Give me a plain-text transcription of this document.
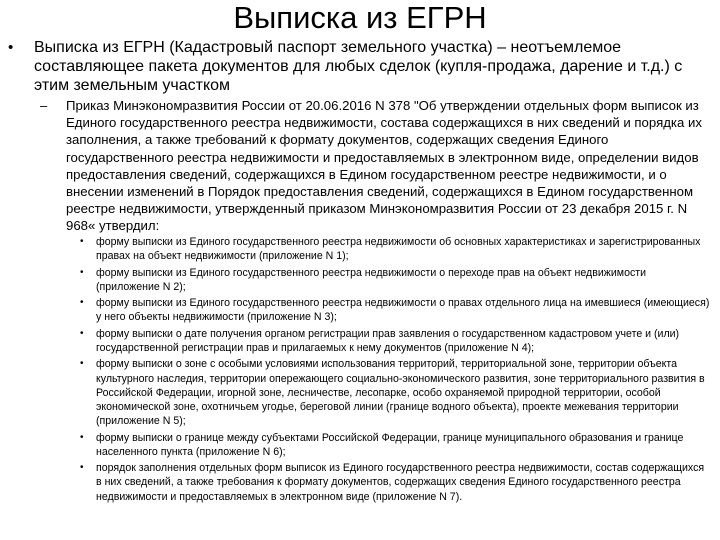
Выписка из ЕГРН
• Выписка из ЕГРН (Кадастровый паспорт земельного участка) – неотъемлемое составляющее пакета документов для любых сделок (купля-продажа, дарение и т.д.) с этим земельным участком
– Приказ Минэкономразвития России от 20.06.2016 N 378 "Об утверждении отдельных форм выписок из Единого государственного реестра недвижимости, состава содержащихся в них сведений и порядка их заполнения, а также требований к формату документов, содержащих сведения Единого государственного реестра недвижимости и предоставляемых в электронном виде, определении видов предоставления сведений, содержащихся в Едином государственном реестре недвижимости, и о внесении изменений в Порядок предоставления сведений, содержащихся в Едином государственном реестре недвижимости, утвержденный приказом Минэкономразвития России от 23 декабря 2015 г. N 968« утвердил:
• форму выписки из Единого государственного реестра недвижимости об основных характеристиках и зарегистрированных правах на объект недвижимости (приложение N 1);
• форму выписки из Единого государственного реестра недвижимости о переходе прав на объект недвижимости (приложение N 2);
• форму выписки из Единого государственного реестра недвижимости о правах отдельного лица на имевшиеся (имеющиеся) у него объекты недвижимости (приложение N 3);
• форму выписки о дате получения органом регистрации прав заявления о государственном кадастровом учете и (или) государственной регистрации прав и прилагаемых к нему документов (приложение N 4);
• форму выписки о зоне с особыми условиями использования территорий, территориальной зоне, территории объекта культурного наследия, территории опережающего социально-экономического развития, зоне территориального развития в Российской Федерации, игорной зоне, лесничестве, лесопарке, особо охраняемой природной территории, особой экономической зоне, охотничьем угодье, береговой линии (границе водного объекта), проекте межевания территории (приложение N 5);
• форму выписки о границе между субъектами Российской Федерации, границе муниципального образования и границе населенного пункта (приложение N 6);
• порядок заполнения отдельных форм выписок из Единого государственного реестра недвижимости, состав содержащихся в них сведений, а также требования к формату документов, содержащих сведения Единого государственного реестра недвижимости и предоставляемых в электронном виде (приложение N 7).
